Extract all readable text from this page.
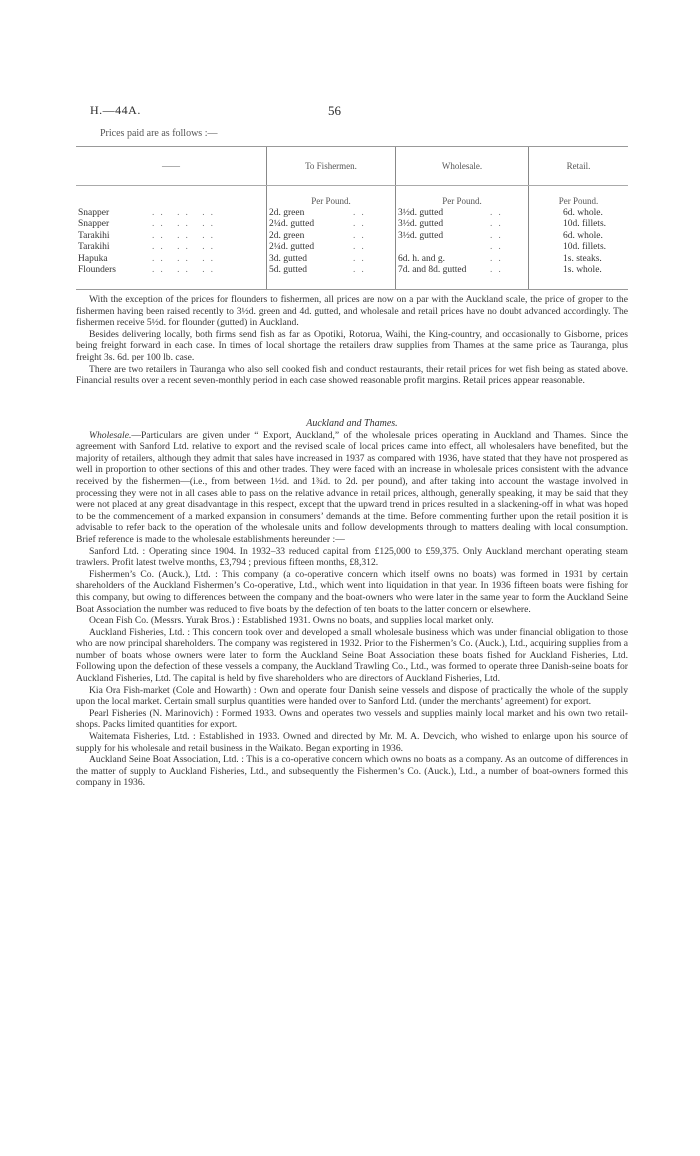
H.—44A.	56
Prices paid are as follows :—
——	To Fishermen.	Wholesale.	Retail.
	Per Pound.	Per Pound.	Per Pound.
Snapper ..​ ..​ ..	2d. green ..	3½d. gutted ..	6d. whole.
Snapper ..​ ..​ ..	2¼d. gutted ..	3½d. gutted ..	10d. fillets.
Tarakihi ..​ ..​ ..	2d. green ..	3½d. gutted ..	6d. whole.
Tarakihi ..​ ..​ ..	2¼d. gutted ..	..	10d. fillets.
Hapuka ..​ ..​ ..	3d. gutted ..	6d. h. and g. ..	1s. steaks.
Flounders ..​ ..​ ..	5d. gutted ..	7d. and 8d. gutted ..	1s. whole.

With the exception of the prices for flounders to fishermen, all prices are now on a par with the Auckland scale, the price of groper to the fishermen having been raised recently to 3½d. green and 4d. gutted, and wholesale and retail prices have no doubt advanced accordingly. The fishermen receive 5½d. for flounder (gutted) in Auckland.

Besides delivering locally, both firms send fish as far as Opotiki, Rotorua, Waihi, the King-country, and occasionally to Gisborne, prices being freight forward in each case. In times of local shortage the retailers draw supplies from Thames at the same price as Tauranga, plus freight 3s. 6d. per 100 lb. case.

There are two retailers in Tauranga who also sell cooked fish and conduct restaurants, their retail prices for wet fish being as stated above. Financial results over a recent seven-monthly period in each case showed reasonable profit margins. Retail prices appear reasonable.

Auckland and Thames.

Wholesale.—Particulars are given under “ Export, Auckland,” of the wholesale prices operating in Auckland and Thames. Since the agreement with Sanford Ltd. relative to export and the revised scale of local prices came into effect, all wholesalers have benefited, but the majority of retailers, although they admit that sales have increased in 1937 as compared with 1936, have stated that they have not prospered as well in proportion to other sections of this and other trades. They were faced with an increase in wholesale prices consistent with the advance received by the fishermen—(i.e., from between 1½d. and 1¾d. to 2d. per pound), and after taking into account the wastage involved in processing they were not in all cases able to pass on the relative advance in retail prices, although, generally speaking, it may be said that they were not placed at any great disadvantage in this respect, except that the upward trend in prices resulted in a slackening-off in what was hoped to be the commencement of a marked expansion in consumers’ demands at the time. Before commenting further upon the retail position it is advisable to refer back to the operation of the wholesale units and follow developments through to matters dealing with local consumption. Brief reference is made to the wholesale establishments hereunder :—

Sanford Ltd. : Operating since 1904. In 1932–33 reduced capital from £125,000 to £59,375. Only Auckland merchant operating steam trawlers. Profit latest twelve months, £3,794 ; previous fifteen months, £8,312.

Fishermen’s Co. (Auck.), Ltd. : This company (a co-operative concern which itself owns no boats) was formed in 1931 by certain shareholders of the Auckland Fishermen’s Co-operative, Ltd., which went into liquidation in that year. In 1936 fifteen boats were fishing for this company, but owing to differences between the company and the boat-owners who were later in the same year to form the Auckland Seine Boat Association the number was reduced to five boats by the defection of ten boats to the latter concern or elsewhere.

Ocean Fish Co. (Messrs. Yurak Bros.) : Established 1931. Owns no boats, and supplies local market only.

Auckland Fisheries, Ltd. : This concern took over and developed a small wholesale business which was under financial obligation to those who are now principal shareholders. The company was registered in 1932. Prior to the Fishermen’s Co. (Auck.), Ltd., acquiring supplies from a number of boats whose owners were later to form the Auckland Seine Boat Association these boats fished for Auckland Fisheries, Ltd. Following upon the defection of these vessels a company, the Auckland Trawling Co., Ltd., was formed to operate three Danish-seine boats for Auckland Fisheries, Ltd. The capital is held by five shareholders who are directors of Auckland Fisheries, Ltd.

Kia Ora Fish-market (Cole and Howarth) : Own and operate four Danish seine vessels and dispose of practically the whole of the supply upon the local market. Certain small surplus quantities were handed over to Sanford Ltd. (under the merchants’ agreement) for export.

Pearl Fisheries (N. Marinovich) : Formed 1933. Owns and operates two vessels and supplies mainly local market and his own two retail-shops. Packs limited quantities for export.

Waitemata Fisheries, Ltd. : Established in 1933. Owned and directed by Mr. M. A. Devcich, who wished to enlarge upon his source of supply for his wholesale and retail business in the Waikato. Began exporting in 1936.

Auckland Seine Boat Association, Ltd. : This is a co-operative concern which owns no boats as a company. As an outcome of differences in the matter of supply to Auckland Fisheries, Ltd., and subsequently the Fishermen’s Co. (Auck.), Ltd., a number of boat-owners formed this company in 1936.
